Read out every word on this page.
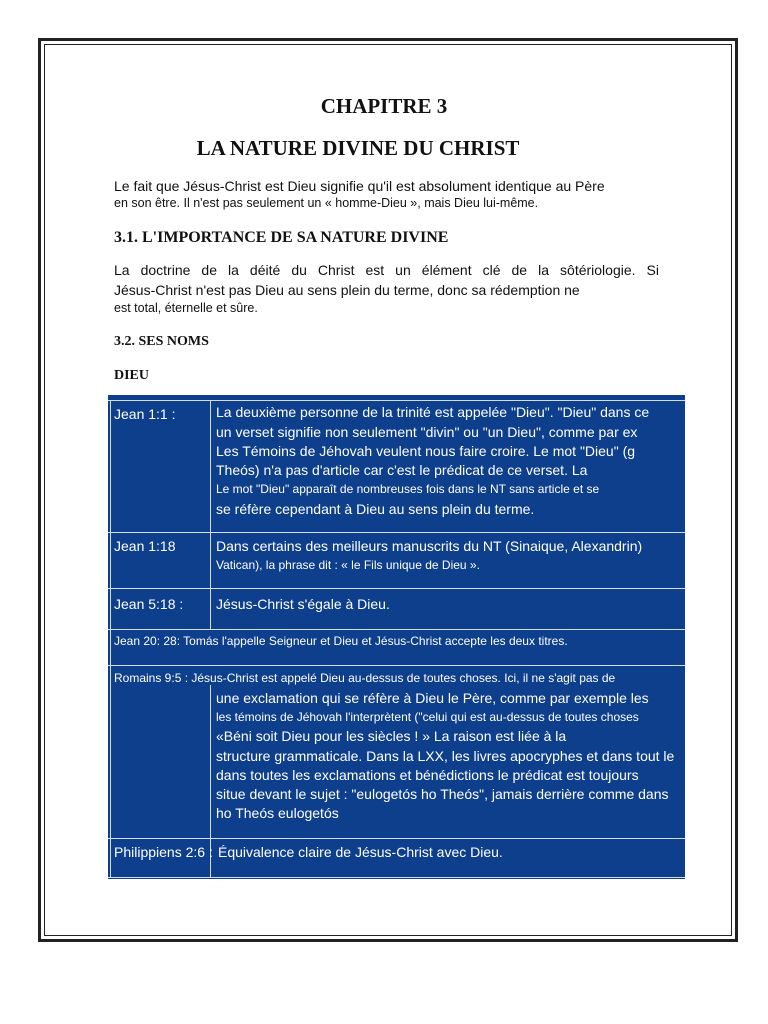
CHAPITRE 3
LA NATURE DIVINE DU CHRIST
Le fait que Jésus-Christ est Dieu signifie qu'il est absolument identique au Père
en son être. Il n'est pas seulement un « homme-Dieu », mais Dieu lui-même.
3.1. L'IMPORTANCE DE SA NATURE DIVINE
La doctrine de la déité du Christ est un élément clé de la sôtériologie. Si
Jésus-Christ n'est pas Dieu au sens plein du terme, donc sa rédemption ne
est total, éternelle et sûre.
3.2. SES NOMS
DIEU
Jean 1:1 :	La deuxième personne de la trinité est appelée "Dieu". "Dieu" dans ce
un verset signifie non seulement "divin" ou "un Dieu", comme par ex
Les Témoins de Jéhovah veulent nous faire croire. Le mot "Dieu" (g
Theós) n'a pas d'article car c'est le prédicat de ce verset. La
Le mot "Dieu" apparaît de nombreuses fois dans le NT sans article et se
se réfère cependant à Dieu au sens plein du terme.
Jean 1:18	Dans certains des meilleurs manuscrits du NT (Sinaique, Alexandrin)
Vatican), la phrase dit : « le Fils unique de Dieu ».
Jean 5:18 : Jésus-Christ s'égale à Dieu.
Jean 20: 28: Tomás l'appelle Seigneur et Dieu et Jésus-Christ accepte les deux titres.
Romains 9:5 : Jésus-Christ est appelé Dieu au-dessus de toutes choses. Ici, il ne s'agit pas de
une exclamation qui se réfère à Dieu le Père, comme par exemple les
les témoins de Jéhovah l'interprètent ("celui qui est au-dessus de toutes choses
«Béni soit Dieu pour les siècles ! » La raison est liée à la
structure grammaticale. Dans la LXX, les livres apocryphes et dans tout le
dans toutes les exclamations et bénédictions le prédicat est toujours
situe devant le sujet : "eulogetós ho Theós", jamais derrière comme dans
ho Theós eulogetós
Philippiens 2:6 : Équivalence claire de Jésus-Christ avec Dieu.
